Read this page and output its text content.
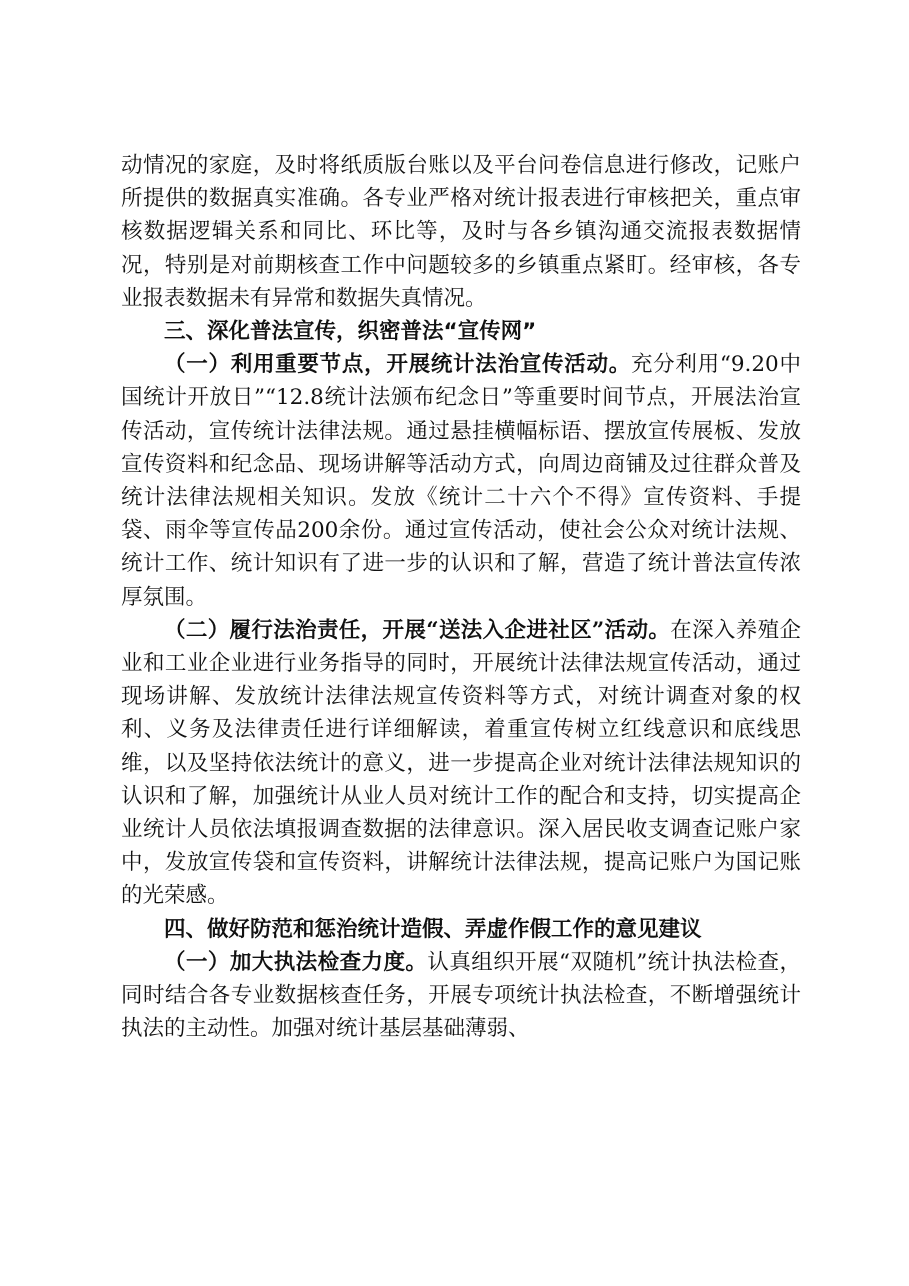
动情况的家庭，及时将纸质版台账以及平台问卷信息进行修改，记账户所提供的数据真实准确。各专业严格对统计报表进行审核把关，重点审核数据逻辑关系和同比、环比等，及时与各乡镇沟通交流报表数据情况，特别是对前期核查工作中问题较多的乡镇重点紧盯。经审核，各专业报表数据未有异常和数据失真情况。

三、深化普法宣传，织密普法“宣传网”

（一）利用重要节点，开展统计法治宣传活动。充分利用“9.20中国统计开放日”“12.8统计法颁布纪念日”等重要时间节点，开展法治宣传活动，宣传统计法律法规。通过悬挂横幅标语、摆放宣传展板、发放宣传资料和纪念品、现场讲解等活动方式，向周边商铺及过往群众普及统计法律法规相关知识。发放《统计二十六个不得》宣传资料、手提袋、雨伞等宣传品200余份。通过宣传活动，使社会公众对统计法规、统计工作、统计知识有了进一步的认识和了解，营造了统计普法宣传浓厚氛围。

（二）履行法治责任，开展“送法入企进社区”活动。在深入养殖企业和工业企业进行业务指导的同时，开展统计法律法规宣传活动，通过现场讲解、发放统计法律法规宣传资料等方式，对统计调查对象的权利、义务及法律责任进行详细解读，着重宣传树立红线意识和底线思维，以及坚持依法统计的意义，进一步提高企业对统计法律法规知识的认识和了解，加强统计从业人员对统计工作的配合和支持，切实提高企业统计人员依法填报调查数据的法律意识。深入居民收支调查记账户家中，发放宣传袋和宣传资料，讲解统计法律法规，提高记账户为国记账的光荣感。

四、做好防范和惩治统计造假、弄虚作假工作的意见建议

（一）加大执法检查力度。认真组织开展“双随机”统计执法检查，同时结合各专业数据核查任务，开展专项统计执法检查，不断增强统计执法的主动性。加强对统计基层基础薄弱、
